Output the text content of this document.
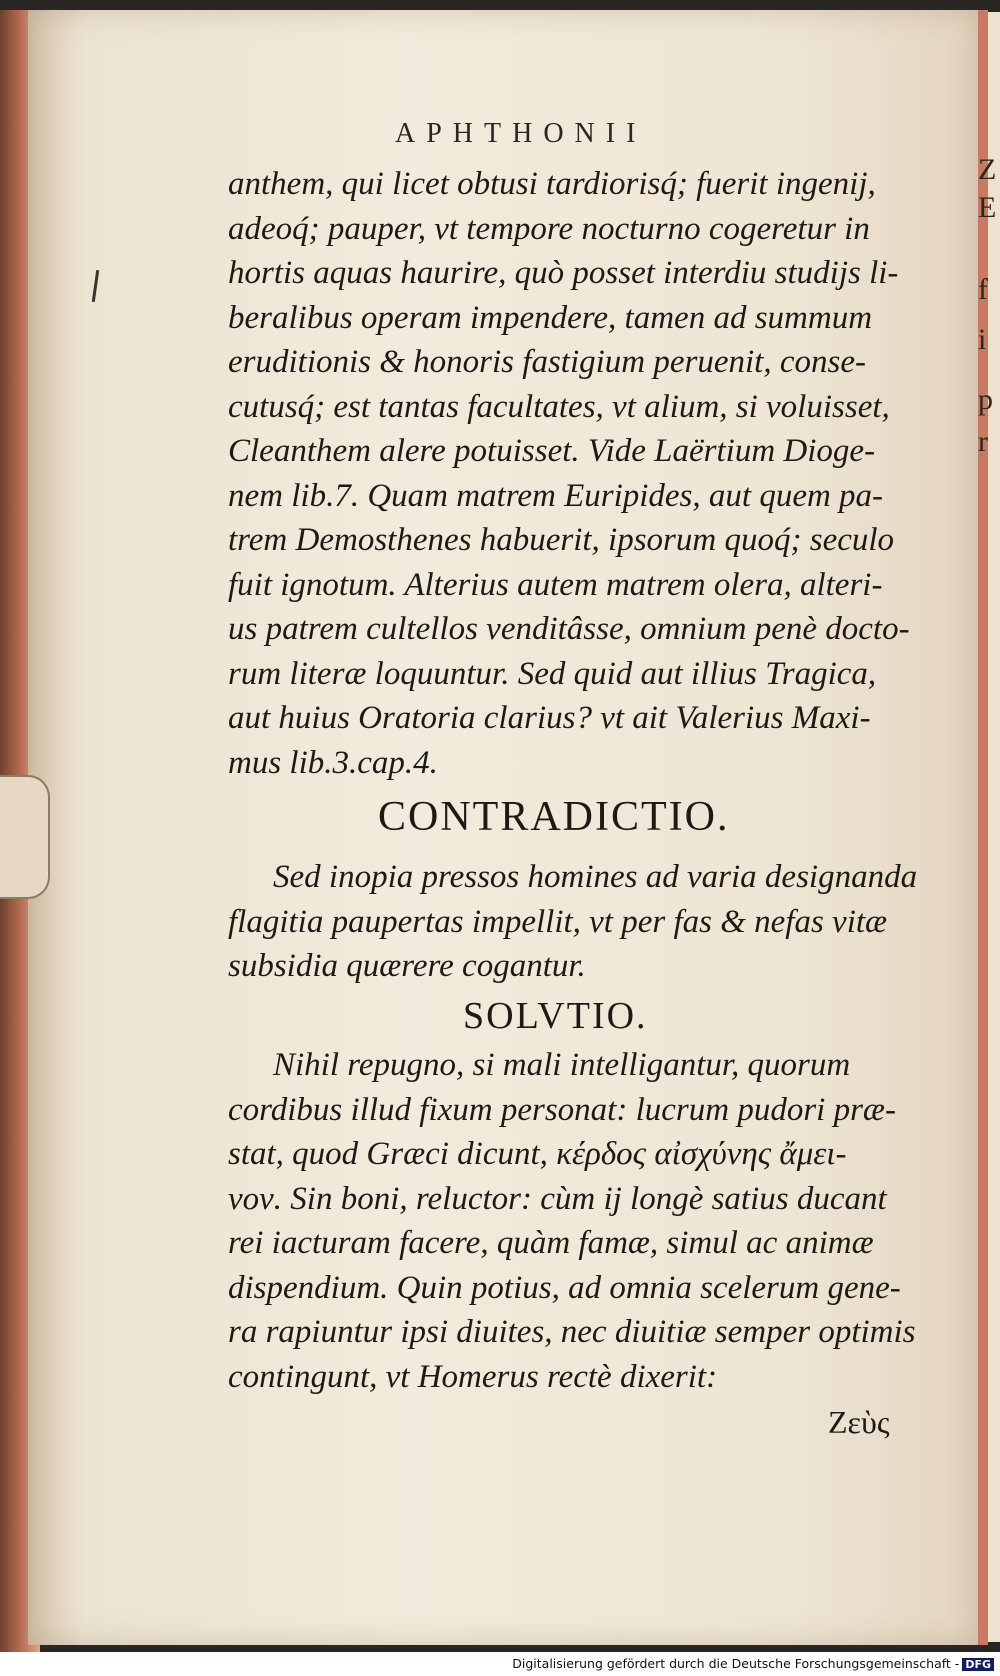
Z
E
f
i
p
r
APHTHONII
anthem, qui licet obtusi tardiorisq́; fuerit ingenij,
adeoq́; pauper, vt tempore nocturno cogeretur in
hortis aquas haurire, quò posset interdiu studijs li-
beralibus operam impendere, tamen ad summum
eruditionis & honoris fastigium peruenit, conse-
cutusq́; est tantas facultates, vt alium, si voluisset,
Cleanthem alere potuisset. Vide Laërtium Dioge-
nem lib.7. Quam matrem Euripides, aut quem pa-
trem Demosthenes habuerit, ipsorum quoq́; seculo
fuit ignotum. Alterius autem matrem olera, alteri-
us patrem cultellos venditâsse, omnium penè docto-
rum literæ loquuntur. Sed quid aut illius Tragica,
aut huius Oratoria clarius? vt ait Valerius Maxi-
mus lib.3.cap.4.
CONTRADICTIO.
Sed inopia pressos homines ad varia designanda
flagitia paupertas impellit, vt per fas & nefas vitæ
subsidia quærere cogantur.
SOLVTIO.
Nihil repugno, si mali intelligantur, quorum
cordibus illud fixum personat: lucrum pudori præ-
stat, quod Græci dicunt, κέρδος αἰσχύνης ἄμει-
νον. Sin boni, reluctor: cùm ij longè satius ducant
rei iacturam facere, quàm famæ, simul ac animæ
dispendium. Quin potius, ad omnia scelerum gene-
ra rapiuntur ipsi diuites, nec diuitiæ semper optimis
contingunt, vt Homerus rectè dixerit:
Ζεὺς
Digitalisierung gefördert durch die Deutsche Forschungsgemeinschaft - DFG
